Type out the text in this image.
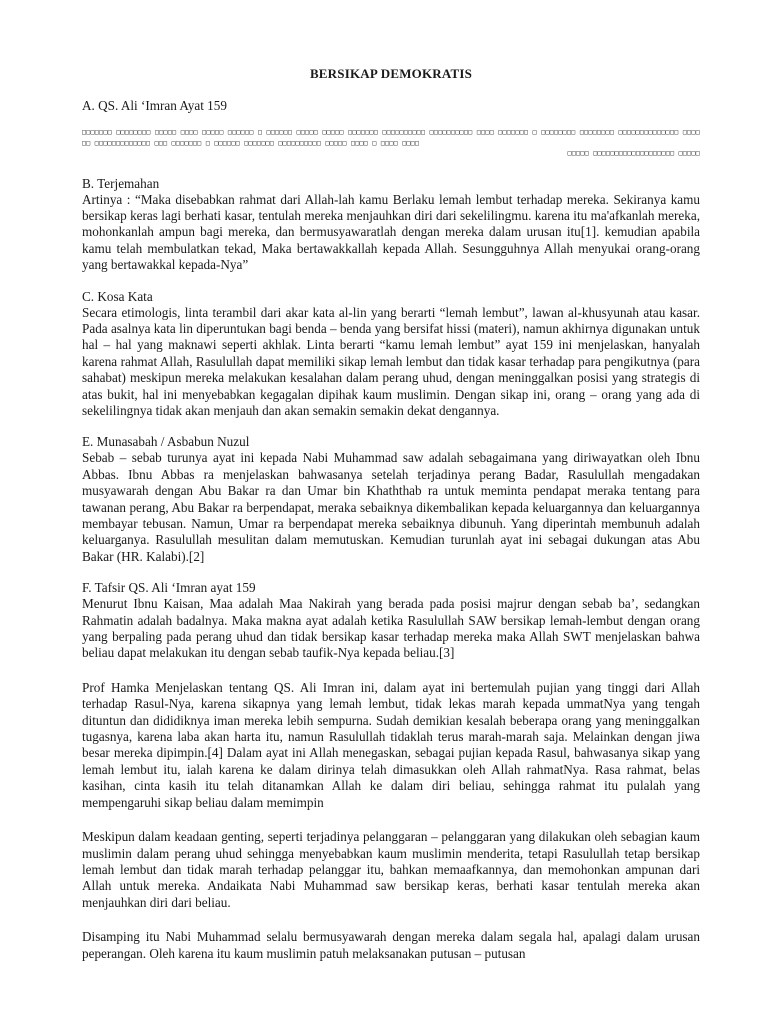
BERSIKAP DEMOKRATIS
A. QS. Ali ‘Imran Ayat 159
□□□□□□□ □□□□□□□□ □□□□□ □□□□ □□□□□ □□□□□□ □ □□□□□□ □□□□□ □□□□□ □□□□□□□ □□□□□□□□□□ □□□□□□□□□□ □□□□ □□□□□□□ □ □□□□□□□□ □□□□□□□□ □□□□□□□□□□□□□□ □□□□□□ □□□□□□□□□□□□□ □□□ □□□□□□□ □ □□□□□□ □□□□□□□ □□□□□□□□□□ □□□□□ □□□□ □ □□□□ □□□□
□□□□□ □□□□□□□□□□□□□□□□□□□ □□□□□
B. Terjemahan

Artinya : “Maka disebabkan rahmat dari Allah-lah kamu Berlaku lemah lembut terhadap mereka. Sekiranya kamu bersikap keras lagi berhati kasar, tentulah mereka menjauhkan diri dari sekelilingmu. karena itu ma'afkanlah mereka, mohonkanlah ampun bagi mereka, dan bermusyawaratlah dengan mereka dalam urusan itu[1]. kemudian apabila kamu telah membulatkan tekad, Maka bertawakkallah kepada Allah. Sesungguhnya Allah menyukai orang-orang yang bertawakkal kepada-Nya”

C. Kosa Kata

Secara etimologis, linta terambil dari akar kata al-lin yang berarti “lemah lembut”, lawan al-khusyunah atau kasar. Pada asalnya kata lin diperuntukan bagi benda – benda yang bersifat hissi (materi), namun akhirnya digunakan untuk hal – hal yang maknawi seperti akhlak. Linta berarti “kamu lemah lembut” ayat 159 ini menjelaskan, hanyalah karena rahmat Allah, Rasulullah dapat memiliki sikap lemah lembut dan tidak kasar terhadap para pengikutnya (para sahabat) meskipun mereka melakukan kesalahan dalam perang uhud, dengan meninggalkan posisi yang strategis di atas bukit, hal ini menyebabkan kegagalan dipihak kaum muslimin. Dengan sikap ini, orang – orang yang ada di sekelilingnya tidak akan menjauh dan akan semakin semakin dekat dengannya.

E. Munasabah / Asbabun Nuzul

Sebab – sebab turunya ayat ini kepada Nabi Muhammad saw adalah sebagaimana yang diriwayatkan oleh Ibnu Abbas. Ibnu Abbas ra menjelaskan bahwasanya setelah terjadinya perang Badar, Rasulullah mengadakan musyawarah dengan Abu Bakar ra dan Umar bin Khaththab ra untuk meminta pendapat meraka tentang para tawanan perang, Abu Bakar ra berpendapat, meraka sebaiknya dikembalikan kepada keluargannya dan keluargannya membayar tebusan. Namun, Umar ra berpendapat mereka sebaiknya dibunuh. Yang diperintah membunuh adalah keluarganya. Rasulullah mesulitan dalam memutuskan. Kemudian turunlah ayat ini sebagai dukungan atas Abu Bakar (HR. Kalabi).[2]

F. Tafsir QS. Ali ‘Imran ayat 159

Menurut Ibnu Kaisan, Maa adalah Maa Nakirah yang berada pada posisi majrur dengan sebab ba’, sedangkan Rahmatin adalah badalnya. Maka makna ayat adalah ketika Rasulullah SAW bersikap lemah-lembut dengan orang yang berpaling pada perang uhud dan tidak bersikap kasar terhadap mereka maka Allah SWT menjelaskan bahwa beliau dapat melakukan itu dengan sebab taufik-Nya kepada beliau.[3]

Prof Hamka Menjelaskan tentang QS. Ali Imran ini, dalam ayat ini bertemulah pujian yang tinggi dari Allah terhadap Rasul-Nya, karena sikapnya yang lemah lembut, tidak lekas marah kepada ummatNya yang tengah dituntun dan dididiknya iman mereka lebih sempurna. Sudah demikian kesalah beberapa orang yang meninggalkan tugasnya, karena laba akan harta itu, namun Rasulullah tidaklah terus marah-marah saja. Melainkan dengan jiwa besar mereka dipimpin.[4] Dalam ayat ini Allah menegaskan, sebagai pujian kepada Rasul, bahwasanya sikap yang lemah lembut itu, ialah karena ke dalam dirinya telah dimasukkan oleh Allah rahmatNya. Rasa rahmat, belas kasihan, cinta kasih itu telah ditanamkan Allah ke dalam diri beliau, sehingga rahmat itu pulalah yang mempengaruhi sikap beliau dalam memimpin

Meskipun dalam keadaan genting, seperti terjadinya pelanggaran – pelanggaran yang dilakukan oleh sebagian kaum muslimin dalam perang uhud sehingga menyebabkan kaum muslimin menderita, tetapi Rasulullah tetap bersikap lemah lembut dan tidak marah terhadap pelanggar itu, bahkan memaafkannya, dan memohonkan ampunan dari Allah untuk mereka. Andaikata Nabi Muhammad saw bersikap keras, berhati kasar tentulah mereka akan menjauhkan diri dari beliau.

Disamping itu Nabi Muhammad selalu bermusyawarah dengan mereka dalam segala hal, apalagi dalam urusan peperangan. Oleh karena itu kaum muslimin patuh melaksanakan putusan – putusan
